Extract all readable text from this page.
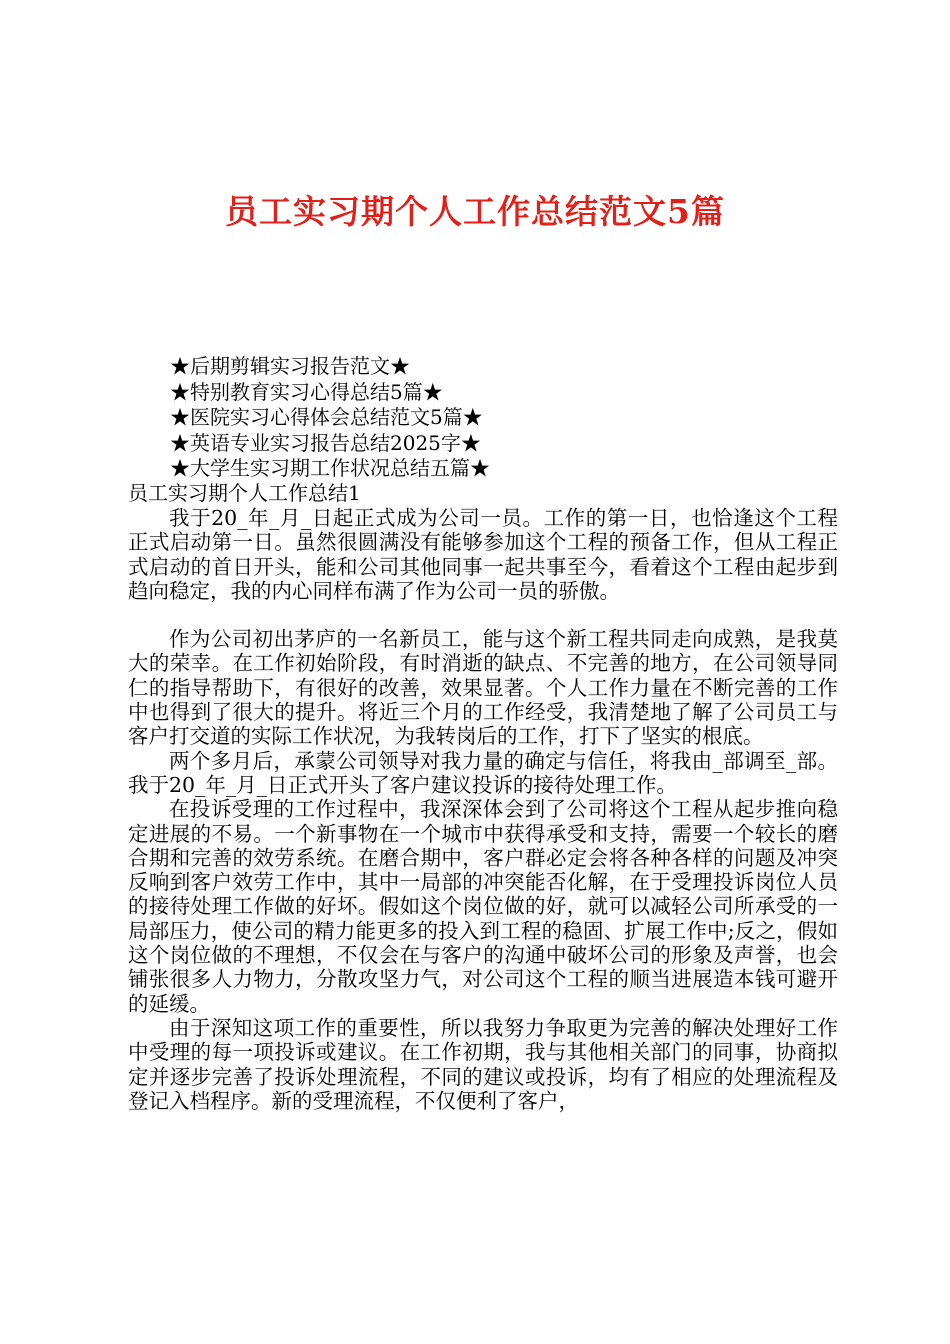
员工实习期个人工作总结范文5篇
★后期剪辑实习报告范文★
★特别教育实习心得总结5篇★
★医院实习心得体会总结范文5篇★
★英语专业实习报告总结2025字★
★大学生实习期工作状况总结五篇★
员工实习期个人工作总结1

我于20_年_月_日起正式成为公司一员。工作的第一日，也恰逢这个工程正式启动第一日。虽然很圆满没有能够参加这个工程的预备工作，但从工程正式启动的首日开头，能和公司其他同事一起共事至今，看着这个工程由起步到趋向稳定，我的内心同样布满了作为公司一员的骄傲。

作为公司初出茅庐的一名新员工，能与这个新工程共同走向成熟，是我莫大的荣幸。在工作初始阶段，有时消逝的缺点、不完善的地方，在公司领导同仁的指导帮助下，有很好的改善，效果显著。个人工作力量在不断完善的工作中也得到了很大的提升。将近三个月的工作经受，我清楚地了解了公司员工与客户打交道的实际工作状况，为我转岗后的工作，打下了坚实的根底。

两个多月后，承蒙公司领导对我力量的确定与信任，将我由_部调至_部。我于20_年_月_日正式开头了客户建议投诉的接待处理工作。

在投诉受理的工作过程中，我深深体会到了公司将这个工程从起步推向稳定进展的不易。一个新事物在一个城市中获得承受和支持，需要一个较长的磨合期和完善的效劳系统。在磨合期中，客户群必定会将各种各样的问题及冲突反响到客户效劳工作中，其中一局部的冲突能否化解，在于受理投诉岗位人员的接待处理工作做的好坏。假如这个岗位做的好，就可以减轻公司所承受的一局部压力，使公司的精力能更多的投入到工程的稳固、扩展工作中;反之，假如这个岗位做的不理想，不仅会在与客户的沟通中破坏公司的形象及声誉，也会铺张很多人力物力，分散攻坚力气，对公司这个工程的顺当进展造本钱可避开的延缓。

由于深知这项工作的重要性，所以我努力争取更为完善的解决处理好工作中受理的每一项投诉或建议。在工作初期，我与其他相关部门的同事，协商拟定并逐步完善了投诉处理流程，不同的建议或投诉，均有了相应的处理流程及登记入档程序。新的受理流程，不仅便利了客户，
